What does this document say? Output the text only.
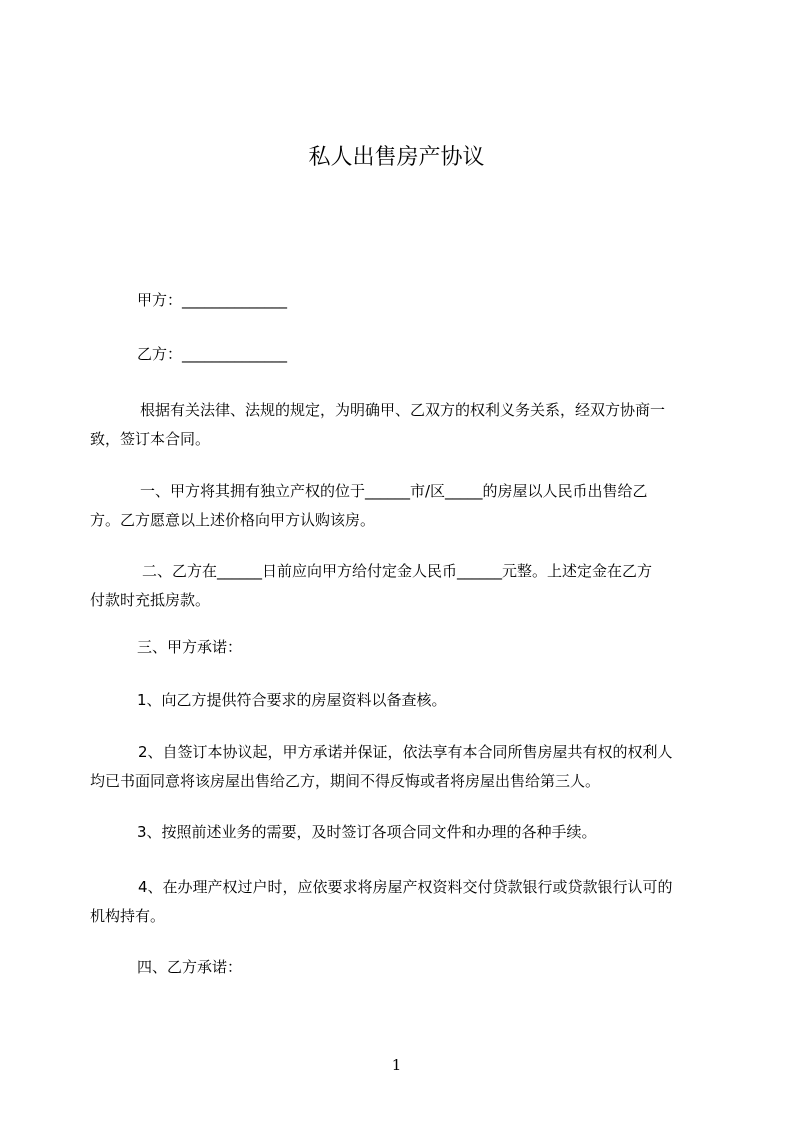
私人出售房产协议
甲方：______________
乙方：______________
根据有关法律、法规的规定，为明确甲、乙双方的权利义务关系，经双方协商一
致，签订本合同。
一、甲方将其拥有独立产权的位于______市/区_____的房屋以人民币出售给乙
方。乙方愿意以上述价格向甲方认购该房。
二、乙方在______日前应向甲方给付定金人民币______元整。上述定金在乙方
付款时充抵房款。
三、甲方承诺：
1、向乙方提供符合要求的房屋资料以备查核。
2、自签订本协议起，甲方承诺并保证，依法享有本合同所售房屋共有权的权利人
均已书面同意将该房屋出售给乙方，期间不得反悔或者将房屋出售给第三人。
3、按照前述业务的需要，及时签订各项合同文件和办理的各种手续。
4、在办理产权过户时，应依要求将房屋产权资料交付贷款银行或贷款银行认可的
机构持有。
四、乙方承诺：
1
